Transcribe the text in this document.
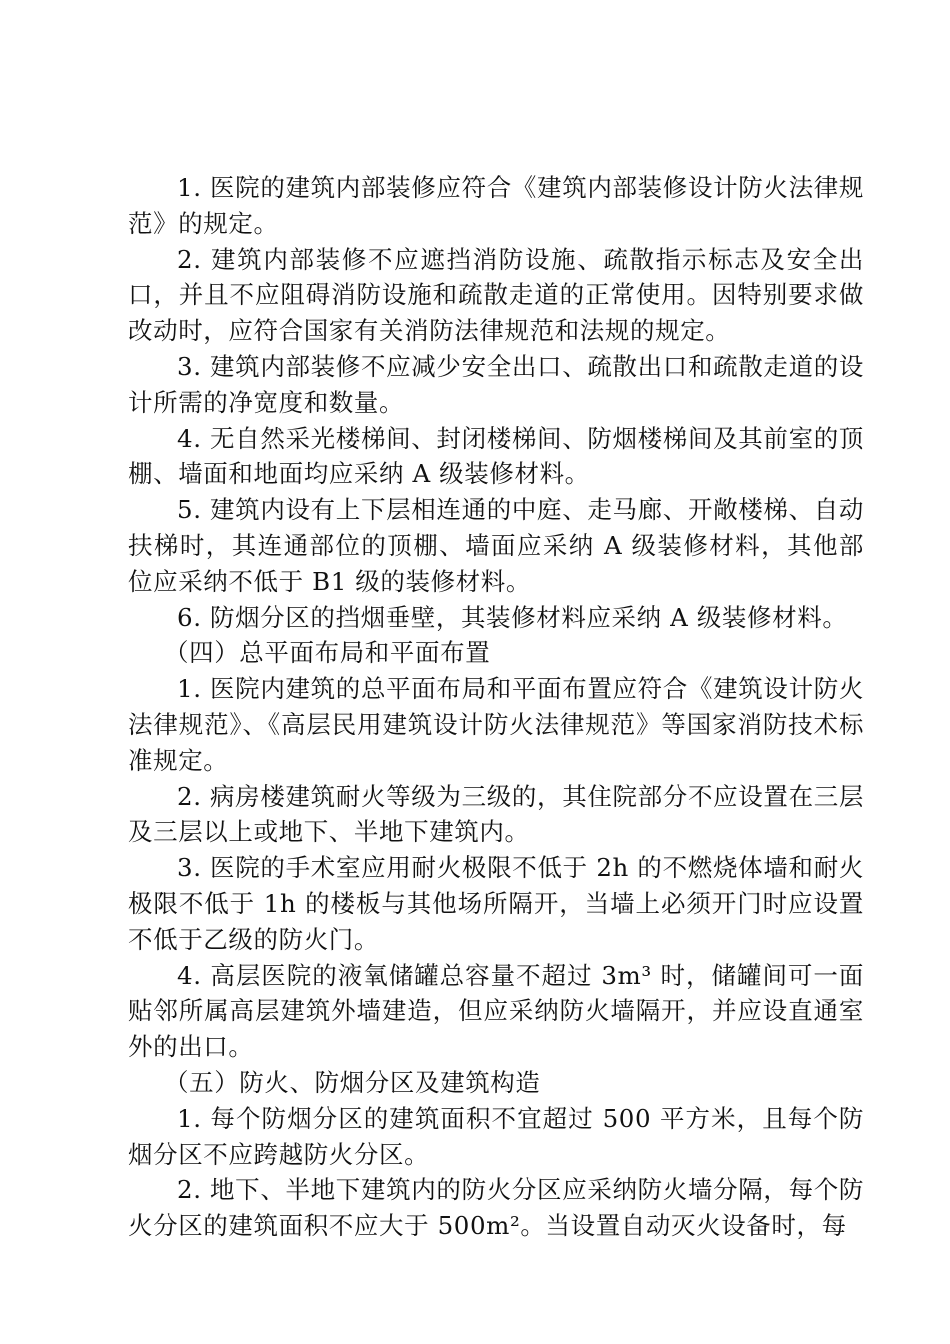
1. 医院的建筑内部装修应符合《建筑内部装修设计防火法律规范》的规定。

2. 建筑内部装修不应遮挡消防设施、疏散指示标志及安全出口，并且不应阻碍消防设施和疏散走道的正常使用。因特别要求做改动时，应符合国家有关消防法律规范和法规的规定。

3. 建筑内部装修不应减少安全出口、疏散出口和疏散走道的设计所需的净宽度和数量。

4. 无自然采光楼梯间、封闭楼梯间、防烟楼梯间及其前室的顶棚、墙面和地面均应采纳 A 级装修材料。

5. 建筑内设有上下层相连通的中庭、走马廊、开敞楼梯、自动扶梯时，其连通部位的顶棚、墙面应采纳 A 级装修材料，其他部位应采纳不低于 B1 级的装修材料。

6. 防烟分区的挡烟垂壁，其装修材料应采纳 A 级装修材料。

（四）总平面布局和平面布置

1. 医院内建筑的总平面布局和平面布置应符合《建筑设计防火法律规范》、《高层民用建筑设计防火法律规范》等国家消防技术标准规定。

2. 病房楼建筑耐火等级为三级的，其住院部分不应设置在三层及三层以上或地下、半地下建筑内。

3. 医院的手术室应用耐火极限不低于 2h 的不燃烧体墙和耐火极限不低于 1h 的楼板与其他场所隔开，当墙上必须开门时应设置不低于乙级的防火门。

4. 高层医院的液氧储罐总容量不超过 3m³ 时，储罐间可一面贴邻所属高层建筑外墙建造，但应采纳防火墙隔开，并应设直通室外的出口。

（五）防火、防烟分区及建筑构造

1. 每个防烟分区的建筑面积不宜超过 500 平方米，且每个防烟分区不应跨越防火分区。

2. 地下、半地下建筑内的防火分区应采纳防火墙分隔，每个防火分区的建筑面积不应大于 500m²。当设置自动灭火设备时，每
